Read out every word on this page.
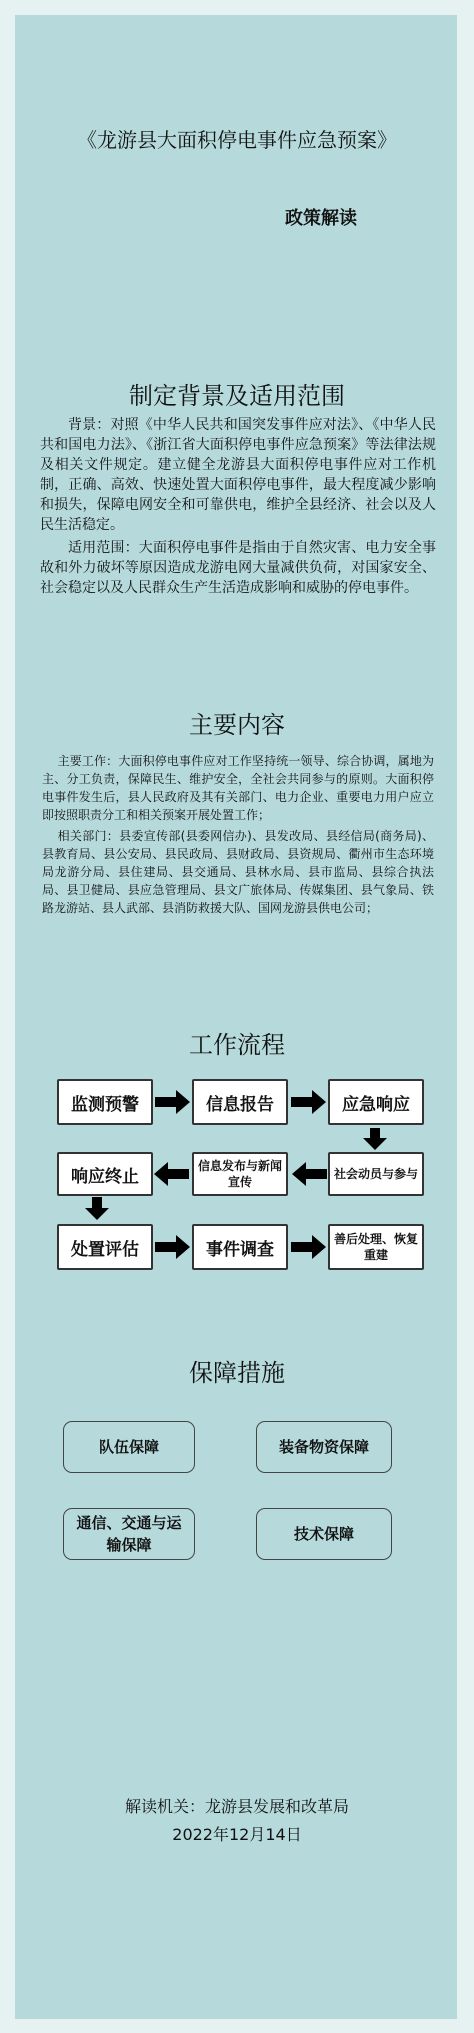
《龙游县大面积停电事件应急预案》
政策解读
制定背景及适用范围

背景：对照《中华人民共和国突发事件应对法》、《中华人民共和国电力法》、《浙江省大面积停电事件应急预案》等法律法规及相关文件规定。建立健全龙游县大面积停电事件应对工作机制，正确、高效、快速处置大面积停电事件，最大程度减少影响和损失，保障电网安全和可靠供电，维护全县经济、社会以及人民生活稳定。

适用范围：大面积停电事件是指由于自然灾害、电力安全事故和外力破坏等原因造成龙游电网大量减供负荷，对国家安全、社会稳定以及人民群众生产生活造成影响和威胁的停电事件。

主要内容

主要工作：大面积停电事件应对工作坚持统一领导、综合协调，属地为主、分工负责，保障民生、维护安全，全社会共同参与的原则。大面积停电事件发生后，县人民政府及其有关部门、电力企业、重要电力用户应立即按照职责分工和相关预案开展处置工作；

相关部门：县委宣传部(县委网信办)、县发改局、县经信局(商务局)、县教育局、县公安局、县民政局、县财政局、县资规局、衢州市生态环境局龙游分局、县住建局、县交通局、县林水局、县市监局、县综合执法局、县卫健局、县应急管理局、县文广旅体局、传媒集团、县气象局、铁路龙游站、县人武部、县消防救援大队、国网龙游县供电公司；

工作流程
监测预警	信息报告	应急响应
社会动员与参与
信息发布与新闻宣传
响应终止
处置评估	事件调查
善后处理、恢复重建
保障措施
队伍保障	装备物资保障
通信、交通与运输保障
技术保障
解读机关：龙游县发展和改革局
2022年12月14日
